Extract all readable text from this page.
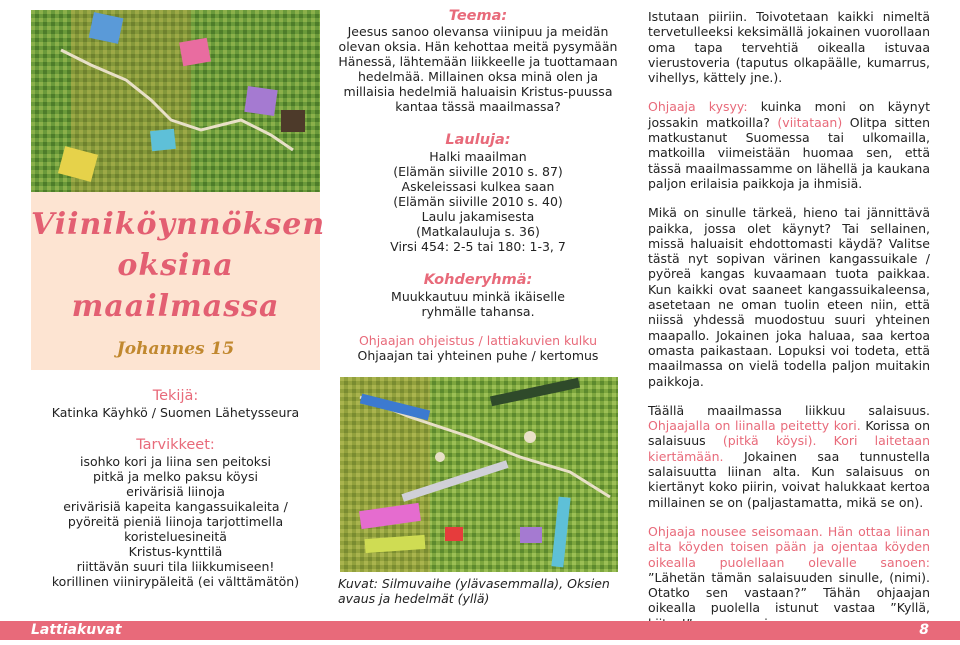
Viiniköynnöksen
oksina
maailmassa
Johannes 15
Tekijä:
Katinka Käyhkö / Suomen Lähetysseura
Tarvikkeet:
isohko kori ja liina sen peitoksi
pitkä ja melko paksu köysi
erivärisiä liinoja
erivärisiä kapeita kangassuikaleita /
pyöreitä pieniä liinoja tarjottimella
koristeluesineitä
Kristus-kynttilä
riittävän suuri tila liikkumiseen!
korillinen viinirypäleitä (ei välttämätön)
Teema:
Jeesus sanoo olevansa viinipuu ja meidän
olevan oksia. Hän kehottaa meitä pysymään
Hänessä, lähtemään liikkeelle ja tuottamaan
hedelmää. Millainen oksa minä olen ja
millaisia hedelmiä haluaisin Kristus-puussa
kantaa tässä maailmassa?
Lauluja:
Halki maailman
(Elämän siiville 2010 s. 87)
Askeleissasi kulkea saan
(Elämän siiville 2010 s. 40)
Laulu jakamisesta
(Matkalauluja s. 36)
Virsi 454: 2-5 tai 180: 1-3, 7
Kohderyhmä:
Muukkautuu minkä ikäiselle
ryhmälle tahansa.
Ohjaajan ohjeistus / lattiakuvien kulku
Ohjaajan tai yhteinen puhe / kertomus
Kuvat: Silmuvaihe (ylävasemmalla), Oksien
avaus ja hedelmät (yllä)

Istutaan piiriin. Toivotetaan kaikki nimeltä tervetulleeksi keksimällä jokainen vuorollaan oma tapa tervehtiä oikealla istuvaa vierustoveria (taputus olkapäälle, kumarrus, vihellys, kättely jne.).

Ohjaaja kysyy: kuinka moni on käynyt jossakin matkoilla? (viitataan) Olitpa sitten matkustanut Suomessa tai ulkomailla, matkoilla viimeistään huomaa sen, että tässä maailmassamme on lähellä ja kaukana paljon erilaisia paikkoja ja ihmisiä.

Mikä on sinulle tärkeä, hieno tai jännittävä paikka, jossa olet käynyt? Tai sellainen, missä haluaisit ehdottomasti käydä? Valitse tästä nyt sopivan värinen kangassuikale / pyöreä kangas kuvaamaan tuota paikkaa. Kun kaikki ovat saaneet kangassuikaleensa, asetetaan ne oman tuolin eteen niin, että niissä yhdessä muodostuu suuri yhteinen maapallo. Jokainen joka haluaa, saa kertoa omasta paikastaan. Lopuksi voi todeta, että maailmassa on vielä todella paljon muitakin paikkoja.

Täällä maailmassa liikkuu salaisuus. Ohjaajalla on liinalla peitetty kori. Korissa on salaisuus (pitkä köysi). Kori laitetaan kiertämään. Jokainen saa tunnustella salaisuutta liinan alta. Kun salaisuus on kiertänyt koko piirin, voivat halukkaat kertoa millainen se on (paljastamatta, mikä se on).

Ohjaaja nousee seisomaan. Hän ottaa liinan alta köyden toisen pään ja ojentaa köyden oikealla puolellaan olevalle sanoen: ”Lähetän tämän salaisuuden sinulle, (nimi). Otatko sen vastaan?” Tähän ohjaajan oikealla puolella istunut vastaa ”Kyllä,

Lattiakuvat	8
